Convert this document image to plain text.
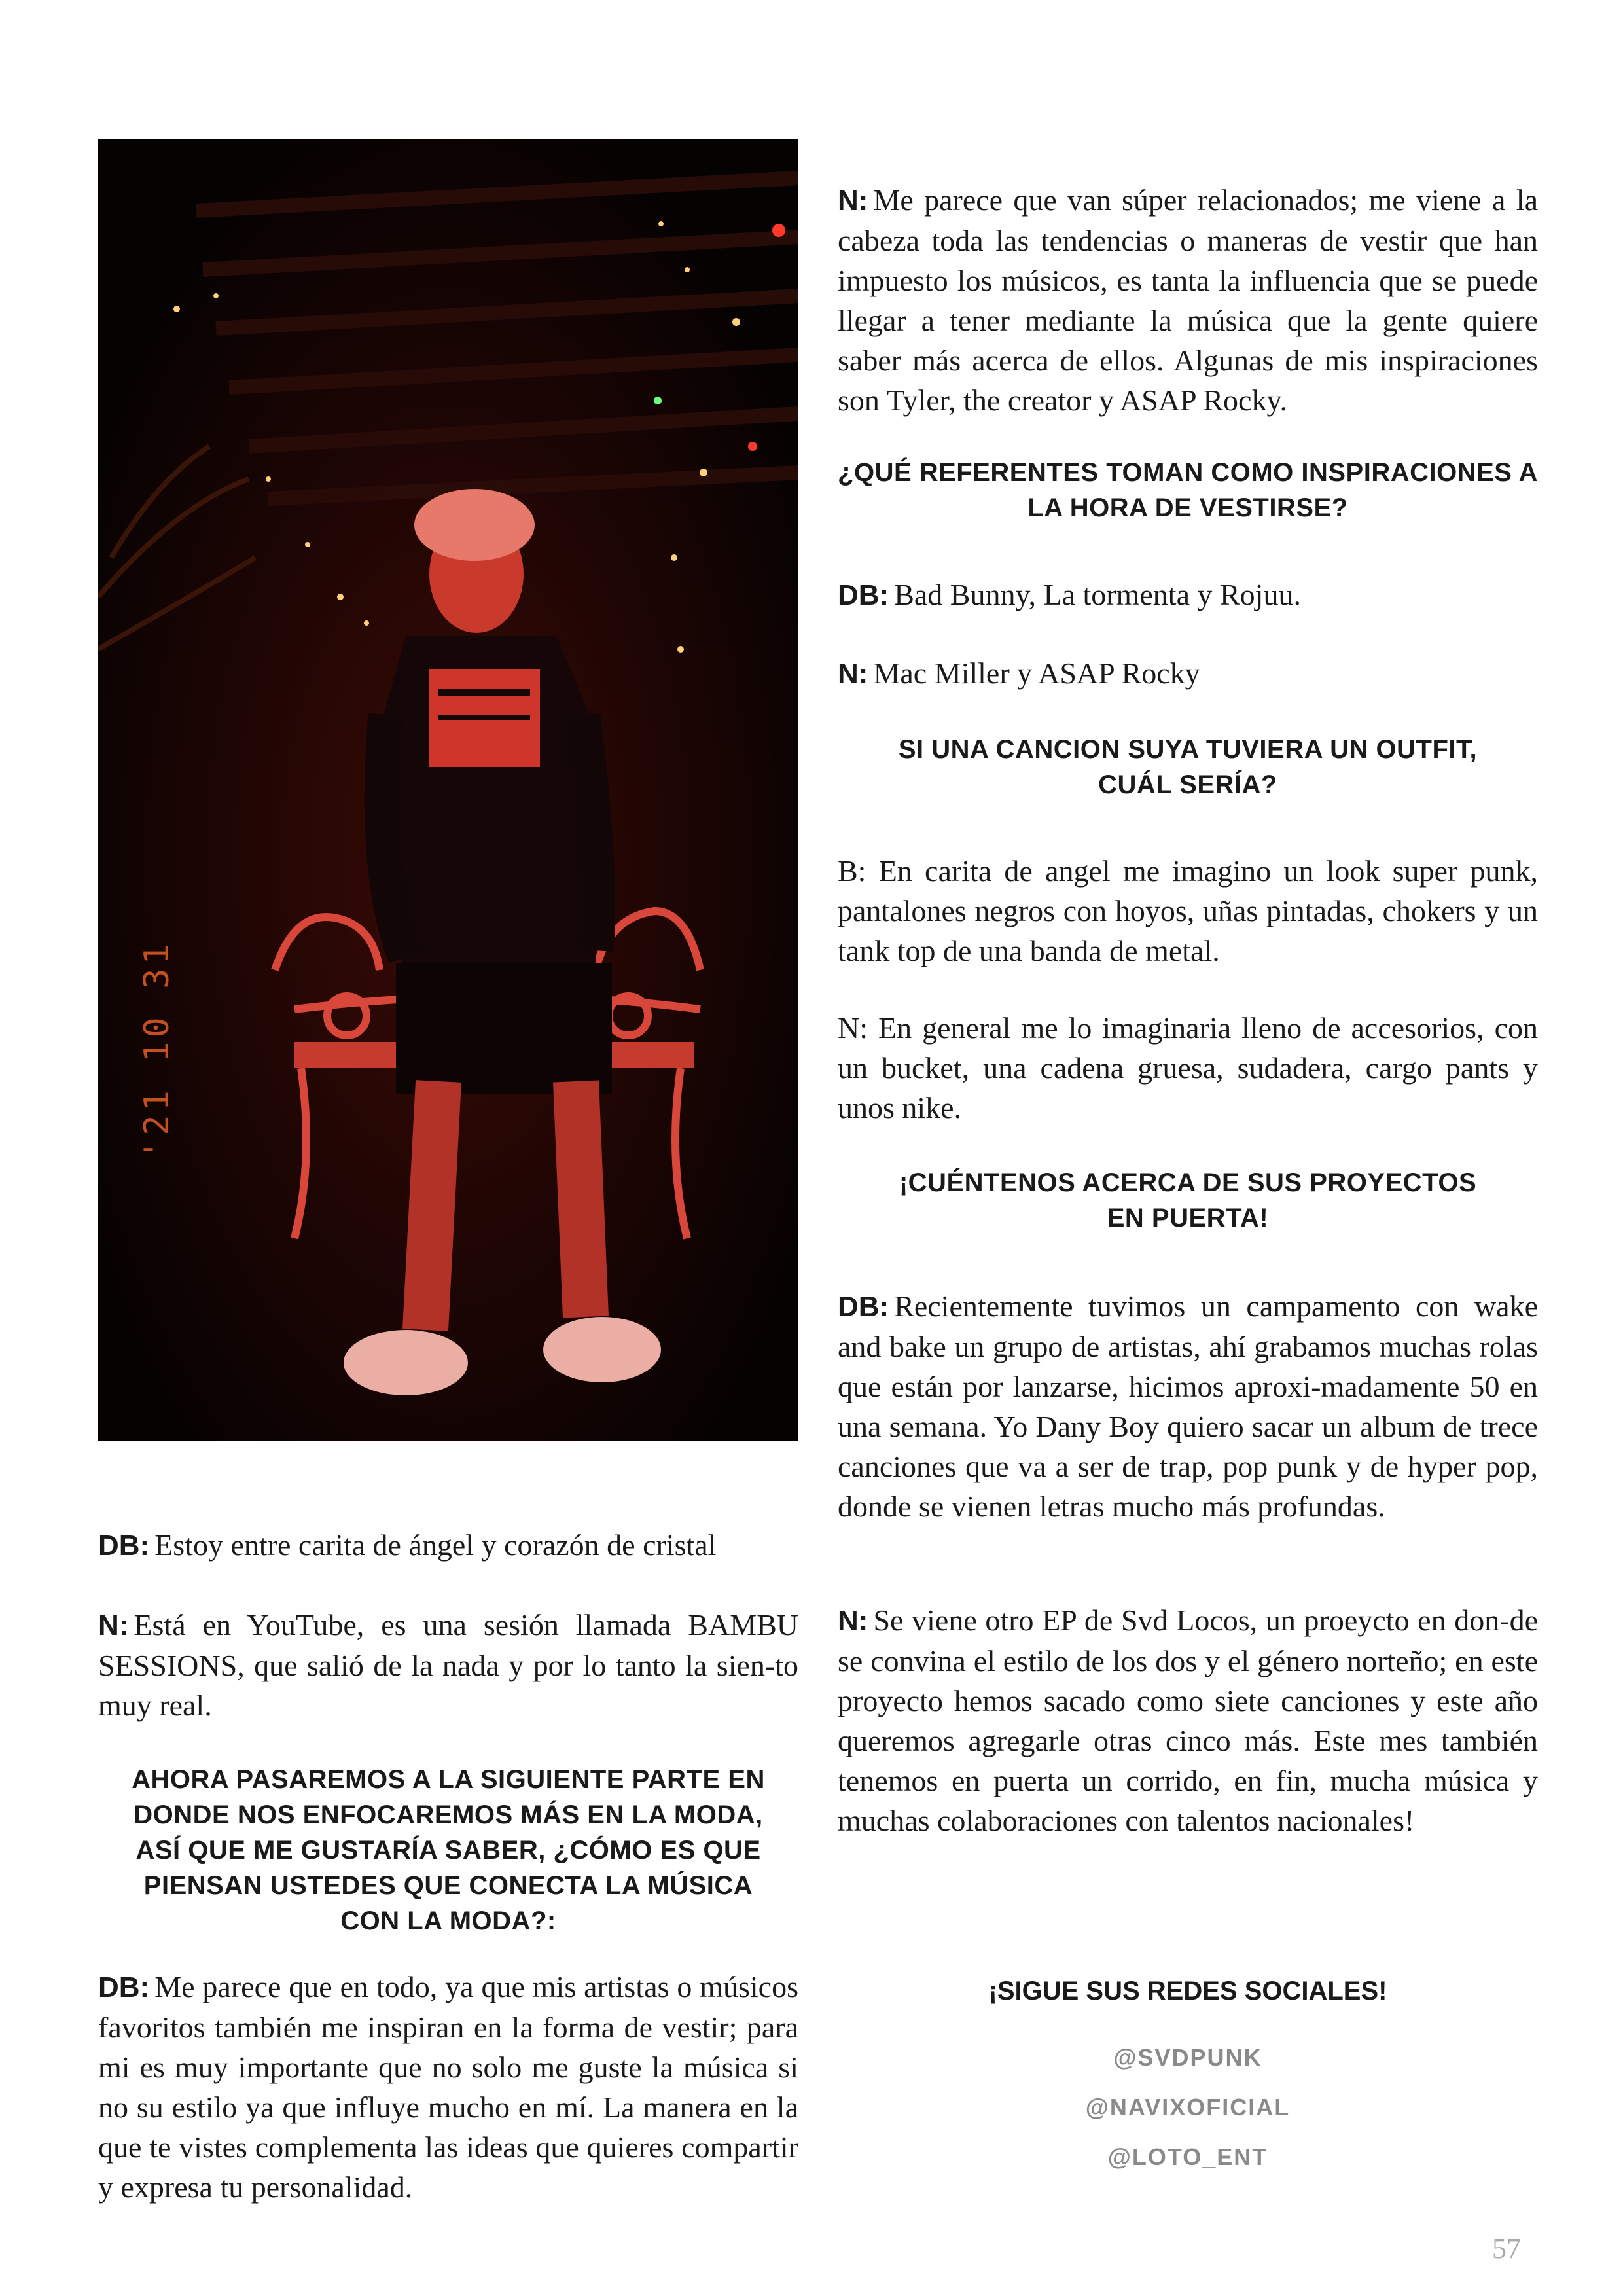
'21 10 31

DB: Estoy entre carita de ángel y corazón de cristal

N: Está en YouTube, es una sesión llamada BAMBU SESSIONS, que salió de la nada y por lo tanto la sien-to muy real.

AHORA PASAREMOS A LA SIGUIENTE PARTE EN DONDE NOS ENFOCAREMOS MÁS EN LA MODA, ASÍ QUE ME GUSTARÍA SABER, ¿CÓMO ES QUE PIENSAN USTEDES QUE CONECTA LA MÚSICA CON LA MODA?:

DB: Me parece que en todo, ya que mis artistas o músicos favoritos también me inspiran en la forma de vestir; para mi es muy importante que no solo me guste la música si no su estilo ya que influye mucho en mí. La manera en la que te vistes complementa las ideas que quieres compartir y expresa tu personalidad.

N: Me parece que van súper relacionados; me viene a la cabeza toda las tendencias o maneras de vestir que han impuesto los músicos, es tanta la influencia que se puede llegar a tener mediante la música que la gente quiere saber más acerca de ellos. Algunas de mis inspiraciones son Tyler, the creator y ASAP Rocky.

¿QUÉ REFERENTES TOMAN COMO INSPIRACIONES A LA HORA DE VESTIRSE?

DB: Bad Bunny, La tormenta y Rojuu.

N: Mac Miller y ASAP Rocky

SI UNA CANCION SUYA TUVIERA UN OUTFIT, CUÁL SERÍA?

B: En carita de angel me imagino un look super punk, pantalones negros con hoyos, uñas pintadas, chokers y un tank top de una banda de metal.

N: En general me lo imaginaria lleno de accesorios, con un bucket, una cadena gruesa, sudadera, cargo pants y unos nike.

¡CUÉNTENOS ACERCA DE SUS PROYECTOS EN PUERTA!

DB: Recientemente tuvimos un campamento con wake and bake un grupo de artistas, ahí grabamos muchas rolas que están por lanzarse, hicimos aproxi-madamente 50 en una semana. Yo Dany Boy quiero sacar un album de trece canciones que va a ser de trap, pop punk y de hyper pop, donde se vienen letras mucho más profundas.

N: Se viene otro EP de Svd Locos, un proeycto en don-de se convina el estilo de los dos y el género norteño; en este proyecto hemos sacado como siete canciones y este año queremos agregarle otras cinco más. Este mes también tenemos en puerta un corrido, en fin, mucha música y muchas colaboraciones con talentos nacionales!

¡SIGUE SUS REDES SOCIALES!

@SVDPUNK

@NAVIXOFICIAL

@LOTO_ENT

57
